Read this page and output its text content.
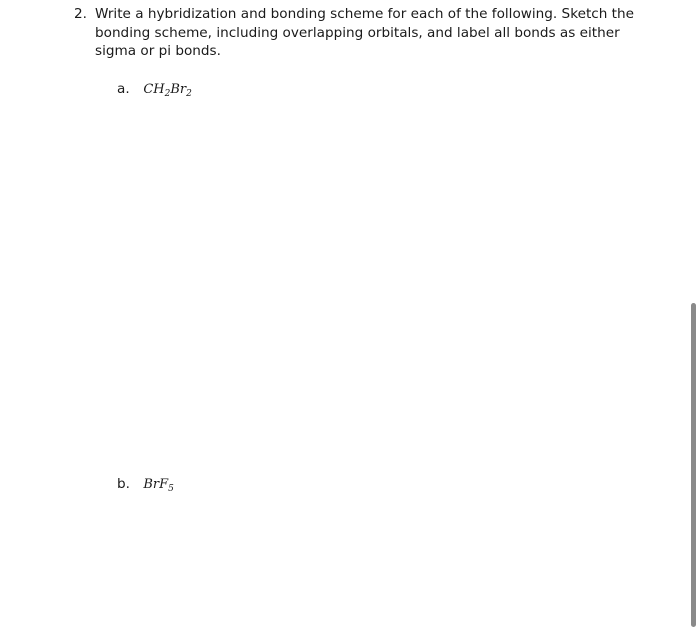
2. Write a hybridization and bonding scheme for each of the following. Sketch the bonding scheme, including overlapping orbitals, and label all bonds as either sigma or pi bonds.
a. $CH_2Br_2$
b. BrF$_5$
